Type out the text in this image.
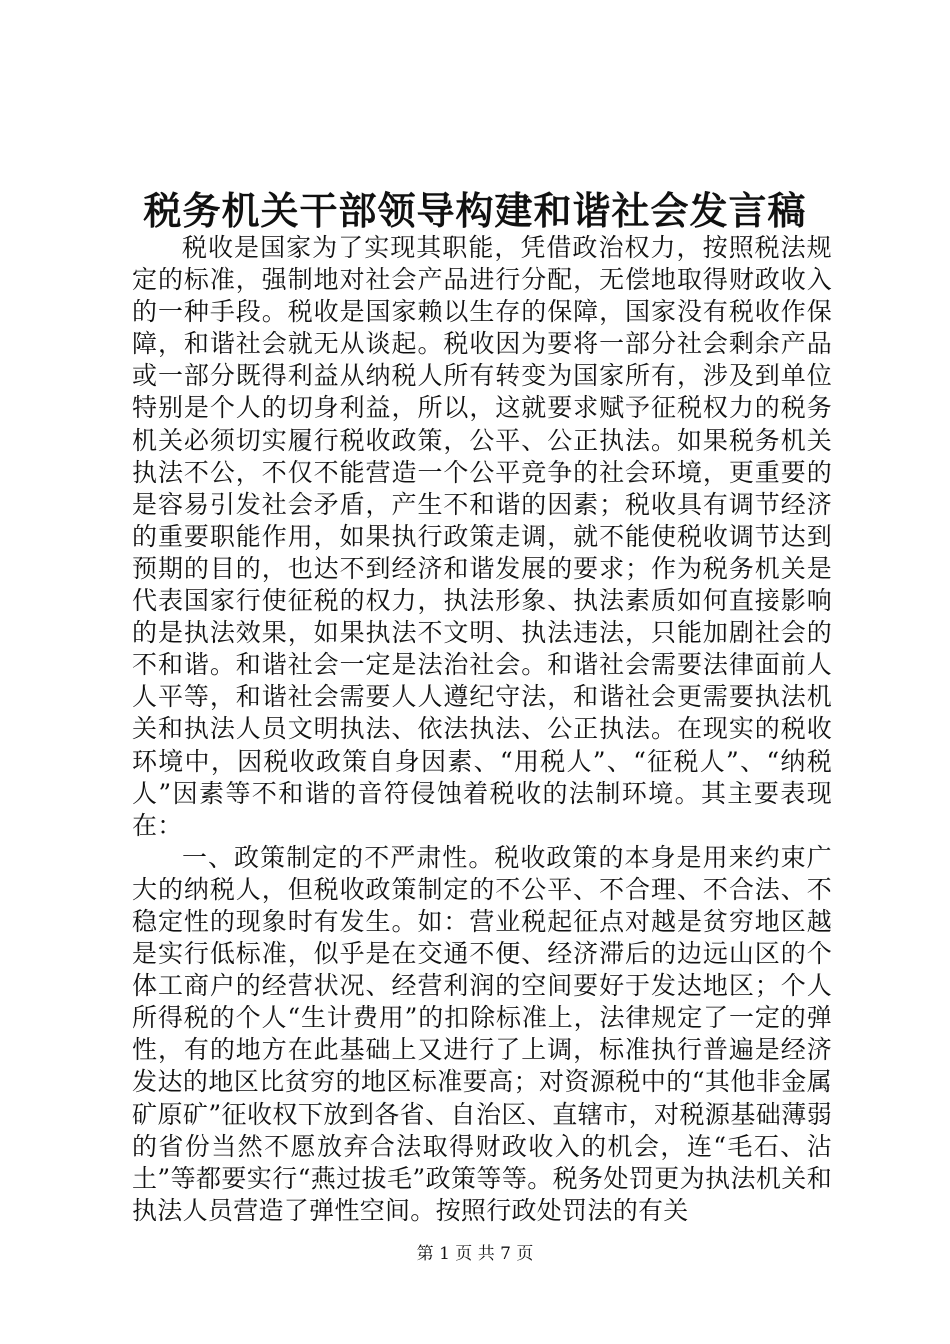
税务机关干部领导构建和谐社会发言稿

税收是国家为了实现其职能，凭借政治权力，按照税法规定的标准，强制地对社会产品进行分配，无偿地取得财政收入的一种手段。税收是国家赖以生存的保障，国家没有税收作保障，和谐社会就无从谈起。税收因为要将一部分社会剩余产品或一部分既得利益从纳税人所有转变为国家所有，涉及到单位特别是个人的切身利益，所以，这就要求赋予征税权力的税务机关必须切实履行税收政策，公平、公正执法。如果税务机关执法不公，不仅不能营造一个公平竞争的社会环境，更重要的是容易引发社会矛盾，产生不和谐的因素；税收具有调节经济的重要职能作用，如果执行政策走调，就不能使税收调节达到预期的目的，也达不到经济和谐发展的要求；作为税务机关是代表国家行使征税的权力，执法形象、执法素质如何直接影响的是执法效果，如果执法不文明、执法违法，只能加剧社会的不和谐。和谐社会一定是法治社会。和谐社会需要法律面前人人平等，和谐社会需要人人遵纪守法，和谐社会更需要执法机关和执法人员文明执法、依法执法、公正执法。在现实的税收环境中，因税收政策自身因素、“用税人”、“征税人”、“纳税人”因素等不和谐的音符侵蚀着税收的法制环境。其主要表现在：

一、政策制定的不严肃性。税收政策的本身是用来约束广大的纳税人，但税收政策制定的不公平、不合理、不合法、不稳定性的现象时有发生。如：营业税起征点对越是贫穷地区越是实行低标准，似乎是在交通不便、经济滞后的边远山区的个体工商户的经营状况、经营利润的空间要好于发达地区；个人所得税的个人“生计费用”的扣除标准上，法律规定了一定的弹性，有的地方在此基础上又进行了上调，标准执行普遍是经济发达的地区比贫穷的地区标准要高；对资源税中的“其他非金属矿原矿”征收权下放到各省、自治区、直辖市，对税源基础薄弱的省份当然不愿放弃合法取得财政收入的机会，连“毛石、沾土”等都要实行“燕过拔毛”政策等等。税务处罚更为执法机关和执法人员营造了弹性空间。按照行政处罚法的有关

第 1 页 共 7 页
